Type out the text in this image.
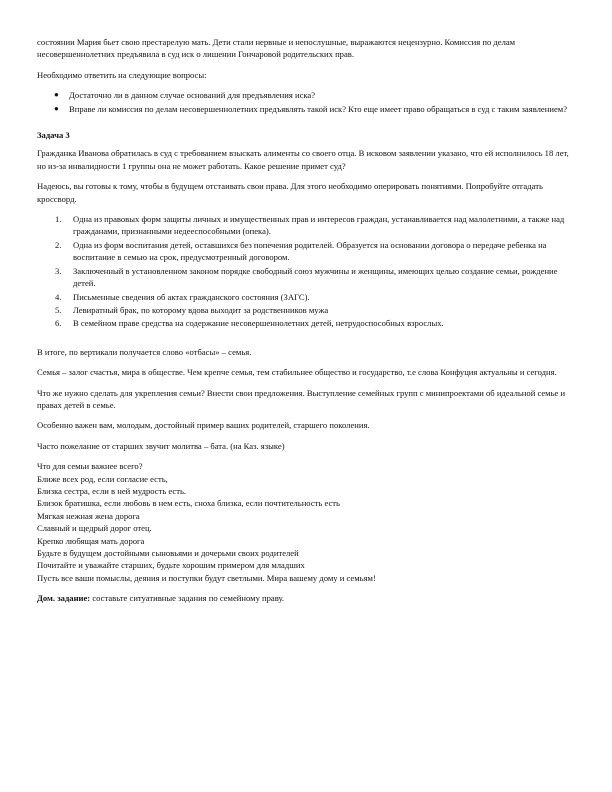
состоянии Мария бьет свою престарелую мать. Дети стали нервные и непослушные, выражаются нецензурно. Комиссия по делам несовершеннолетних предъявила в суд иск о лишении Гончаровой родительских прав.

Необходимо ответить на следующие вопросы:

● Достаточно ли в данном случае оснований для предъявления иска?
● Вправе ли комиссия по делам несовершеннолетних предъявлять такой иск? Кто еще имеет право обращаться в суд с таким заявлением?
Задача 3

Гражданка Иванова обратилась в суд с требованием взыскать алименты со своего отца. В исковом заявлении указано, что ей исполнилось 18 лет, но из-за инвалидности 1 группы она не может работать. Какое решение примет суд?

Надеюсь, вы готовы к тому, чтобы в будущем отстаивать свои права. Для этого необходимо оперировать понятиями. Попробуйте отгадать кроссворд.

1. Одна из правовых форм защиты личных и имущественных прав и интересов граждан, устанавливается над малолетними, а также над гражданами, признанными недееспособными (опека).
2. Одна из форм воспитания детей, оставшихся без попечения родителей. Образуется на основании договора о передаче ребенка на воспитание в семью на срок, предусмотренный договором.
3. Заключенный в установленном законом порядке свободный союз мужчины и женщины, имеющих целью создание семьи, рождение детей.
4. Письменные сведения об актах гражданского состояния (ЗАГС).
5. Левиратный брак, по которому вдова выходит за родственников мужа
6. В семейном праве средства на содержание несовершеннолетних детей, нетрудоспособных взрослых.

В итоге, по вертикали получается слово «отбасы» – семья.

Семья – залог счастья, мира в обществе. Чем крепче семья, тем стабильнее общество и государство, т.е слова Конфуция актуальны и сегодня.

Что же нужно сделать для укрепления семьи? Внести свои предложения. Выступление семейных групп с минипроектами об идеальной семье и правах детей в семье.

Особенно важен вам, молодым, достойный пример ваших родителей, старшего поколения.

Часто пожелание от старших звучит молитва – бата. (на Каз. языке)

Что для семьи важнее всего?
Ближе всех род, если согласие есть,
Близка сестра, если в ней мудрость есть.
Близок братишка, если любовь в нем есть, сноха близка, если почтительность есть
Мягкая нежная жена дорога
Славный и щедрый дорог отец.
Крепко любящая мать дорога
Будьте в будущем достойными сыновьями и дочерьми своих родителей
Почитайте и уважайте старших, будьте хорошим примером для младших
Пусть все ваши помыслы, деяния и поступки будут светлыми. Мира вашему дому и семьям!

Дом. задание: составьте ситуативные задания по семейному праву.
